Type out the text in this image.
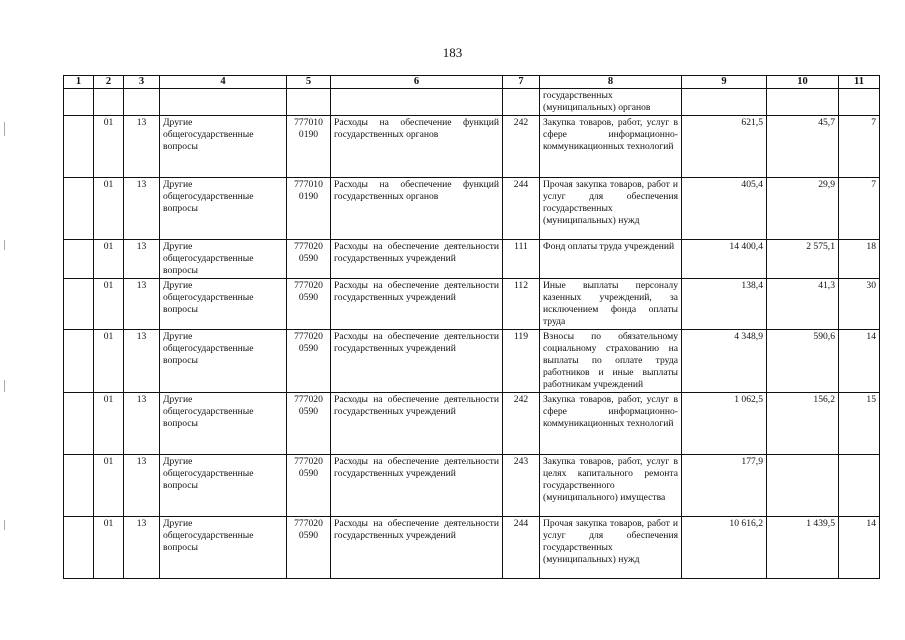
183
1	2	3	4	5	6	7	8	9	10	11
							государственных (муниципальных) органов			
	01	13	Другие общегосударственные вопросы	777010 0190	Расходы на обеспечение функций государственных органов	242	Закупка товаров, работ, услуг в сфере информационно-коммуникационных технологий	621,5	45,7	7
	01	13	Другие общегосударственные вопросы	777010 0190	Расходы на обеспечение функций государственных органов	244	Прочая закупка товаров, работ и услуг для обеспечения государственных (муниципальных) нужд	405,4	29,9	7
	01	13	Другие общегосударственные вопросы	777020 0590	Расходы на обеспечение деятельности государственных учреждений	111	Фонд оплаты труда учреждений	14 400,4	2 575,1	18
	01	13	Другие общегосударственные вопросы	777020 0590	Расходы на обеспечение деятельности государственных учреждений	112	Иные выплаты персоналу казенных учреждений, за исключением фонда оплаты труда	138,4	41,3	30
	01	13	Другие общегосударственные вопросы	777020 0590	Расходы на обеспечение деятельности государственных учреждений	119	Взносы по обязательному социальному страхованию на выплаты по оплате труда работников и иные выплаты работникам учреждений	4 348,9	590,6	14
	01	13	Другие общегосударственные вопросы	777020 0590	Расходы на обеспечение деятельности государственных учреждений	242	Закупка товаров, работ, услуг в сфере информационно-коммуникационных технологий	1 062,5	156,2	15
	01	13	Другие общегосударственные вопросы	777020 0590	Расходы на обеспечение деятельности государственных учреждений	243	Закупка товаров, работ, услуг в целях капитального ремонта государственного (муниципального) имущества	177,9		
	01	13	Другие общегосударственные вопросы	777020 0590	Расходы на обеспечение деятельности государственных учреждений	244	Прочая закупка товаров, работ и услуг для обеспечения государственных (муниципальных) нужд	10 616,2	1 439,5	14
